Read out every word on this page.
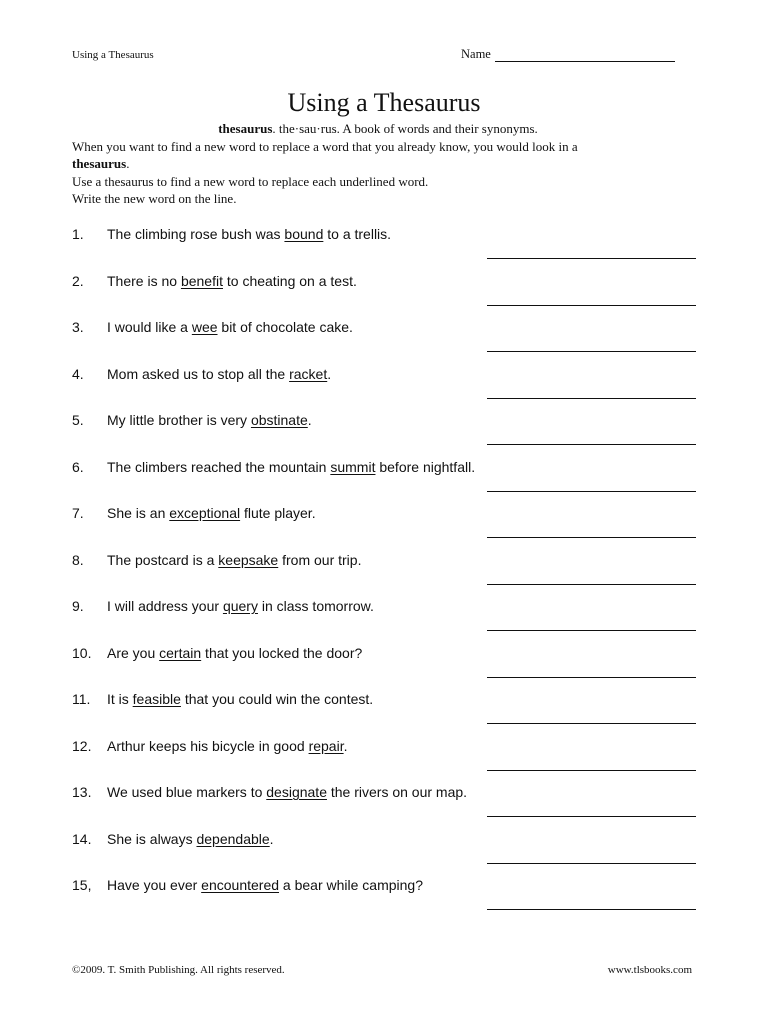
Using a Thesaurus	Name
Using a Thesaurus
thesaurus. the·sau·rus. A book of words and their synonyms.
When you want to find a new word to replace a word that you already know, you would look in a
thesaurus.
Use a thesaurus to find a new word to replace each underlined word.
Write the new word on the line.
1. The climbing rose bush was bound to a trellis.
2. There is no benefit to cheating on a test.
3. I would like a wee bit of chocolate cake.
4. Mom asked us to stop all the racket.
5. My little brother is very obstinate.
6. The climbers reached the mountain summit before nightfall.
7. She is an exceptional flute player.
8. The postcard is a keepsake from our trip.
9. I will address your query in class tomorrow.
10. Are you certain that you locked the door?
11. It is feasible that you could win the contest.
12. Arthur keeps his bicycle in good repair.
13. We used blue markers to designate the rivers on our map.
14. She is always dependable.
15, Have you ever encountered a bear while camping?
©2009. T. Smith Publishing. All rights reserved.	www.tlsbooks.com
